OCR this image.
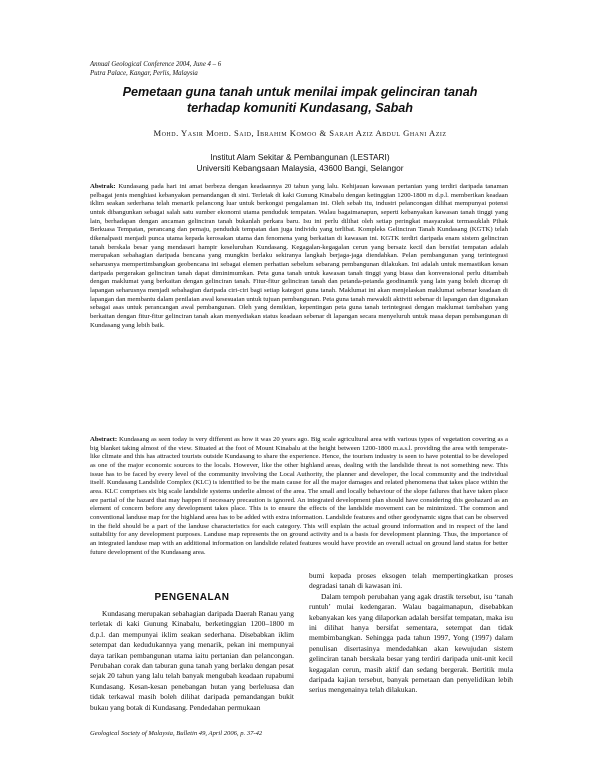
Annual Geological Conference 2004, June 4 – 6
Putra Palace, Kangar, Perlis, Malaysia
Pemetaan guna tanah untuk menilai impak gelinciran tanah
terhadap komuniti Kundasang, Sabah
Mohd. Yasir Mohd. Said, Ibrahim Komoo & Sarah Aziz Abdul Ghani Aziz
Institut Alam Sekitar & Pembangunan (LESTARI)
Universiti Kebangsaan Malaysia, 43600 Bangi, Selangor
Abstrak: Kundasang pada hari ini amat berbeza dengan keadaannya 20 tahun yang lalu. Kehijauan kawasan pertanian yang terdiri daripada tanaman pelbagai jenis menghiasi kebanyakan pemandangan di sini. Terletak di kaki Gunung Kinabalu dengan ketinggian 1200-1800 m d.p.l. memberikan keadaan iklim seakan sederhana telah menarik pelancong luar untuk berkongsi pengalaman ini. Oleh sebab itu, industri pelancongan dilihat mempunyai potensi untuk dibangunkan sebagai salah satu sumber ekonomi utama penduduk tempatan. Walau bagaimanapun, seperti kebanyakan kawasan tanah tinggi yang lain, berhadapan dengan ancaman gelinciran tanah bukanlah perkara baru. Isu ini perlu dilihat oleh setiap peringkat masyarakat termasuklah Pihak Berkuasa Tempatan, perancang dan pemaju, penduduk tempatan dan juga individu yang terlibat. Kompleks Gelinciran Tanah Kundasang (KGTK) telah dikenalpasti menjadi punca utama kepada kerosakan utama dan fenomena yang berkaitan di kawasan ini. KGTK terdiri daripada enam sistem gelinciran tanah berskala besar yang mendasari hampir keseluruhan Kundasang. Kegagalan-kegagalan cerun yang bersaiz kecil dan bersifat tempatan adalah merupakan sebahagian daripada bencana yang mungkin berlaku sekiranya langkah berjaga-jaga diendahkan. Pelan pembangunan yang terintegrasi seharusnya mempertimbangkan geobencana ini sebagai elemen perhatian sebelum sebarang pembangunan dilakukan. Ini adalah untuk memastikan kesan daripada pergerakan gelinciran tanah dapat diminimumkan. Peta guna tanah untuk kawasan tanah tinggi yang biasa dan konvensional perlu ditambah dengan maklumat yang berkaitan dengan gelinciran tanah. Fitur-fitur gelinciran tanah dan petanda-petanda geodinamik yang lain yang boleh dicerap di lapangan seharusnya menjadi sebahagian daripada ciri-ciri bagi setiap kategori guna tanah. Maklumat ini akan menjelaskan maklumat sebenar keadaan di lapangan dan membantu dalam penilaian awal kesesuaian untuk tujuan pembangunan. Peta guna tanah mewakili aktiviti sebenar di lapangan dan digunakan sebagai asas untuk perancangan awal pembangunan. Oleh yang demikian, kepentingan peta guna tanah terintegrasi dengan maklumat tambahan yang berkaitan dengan fitur-fitur gelinciran tanah akan menyediakan status keadaan sebenar di lapangan secara menyeluruh untuk masa depan pembangunan di Kundasang yang lebih baik.
Abstract: Kundasang as seen today is very different as how it was 20 years ago. Big scale agricultural area with various types of vegetation covering as a big blanket taking almost of the view. Situated at the foot of Mount Kinabalu at the height between 1200-1800 m.a.s.l. providing the area with temperate-like climate and this has attracted tourists outside Kundasang to share the experience. Hence, the tourism industry is seen to have potential to be developed as one of the major economic sources to the locals. However, like the other highland areas, dealing with the landslide threat is not something new. This issue has to be faced by every level of the community involving the Local Authority, the planner and developer, the local community and the individual itself. Kundasang Landslide Complex (KLC) is identified to be the main cause for all the major damages and related phenomena that takes place within the area. KLC comprises six big scale landslide systems underlie almost of the area. The small and locally behaviour of the slope failures that have taken place are partial of the hazard that may happen if necessary precaution is ignored. An integrated development plan should have considering this geohazard as an element of concern before any development takes place. This is to ensure the effects of the landslide movement can be minimized. The common and conventional landuse map for the highland area has to be added with extra information. Landslide features and other geodynamic signs that can be observed in the field should be a part of the landuse characteristics for each category. This will explain the actual ground information and in respect of the land suitability for any development purposes. Landuse map represents the on ground activity and is a basis for development planning. Thus, the importance of an integrated landuse map with an additional information on landslide related features would have provide an overall actual on ground land status for better future development of the Kundasang area.
PENGENALAN

Kundasang merupakan sebahagian daripada Daerah Ranau yang terletak di kaki Gunung Kinabalu, berketinggian 1200–1800 m d.p.l. dan mempunyai iklim seakan sederhana. Disebabkan iklim setempat dan kedudukannya yang menarik, pekan ini mempunyai daya tarikan pembangunan utama iaitu pertanian dan pelancongan. Perubahan corak dan taburan guna tanah yang berlaku dengan pesat sejak 20 tahun yang lalu telah banyak mengubah keadaan rupabumi Kundasang. Kesan-kesan penebangan hutan yang berleluasa dan tidak terkawal masih boleh dilihat daripada pemandangan bukit bukau yang botak di Kundasang. Pendedahan permukaan

bumi kepada proses eksogen telah mempertingkatkan proses degradasi tanah di kawasan ini.

Dalam tempoh perubahan yang agak drastik tersebut, isu ‘tanah runtuh’ mulai kedengaran. Walau bagaimanapun, disebabkan kebanyakan kes yang dilaporkan adalah bersifat tempatan, maka isu ini dilihat hanya bersifat sementara, setempat dan tidak membimbangkan. Sehingga pada tahun 1997, Yong (1997) dalam penulisan disertasinya mendedahkan akan kewujudan sistem gelinciran tanah berskala besar yang terdiri daripada unit-unit kecil kegagalan cerun, masih aktif dan sedang bergerak. Bertitik mula daripada kajian tersebut, banyak pemetaan dan penyelidikan lebih serius mengenainya telah dilakukan.

Geological Society of Malaysia, Bulletin 49, April 2006, p. 37-42
